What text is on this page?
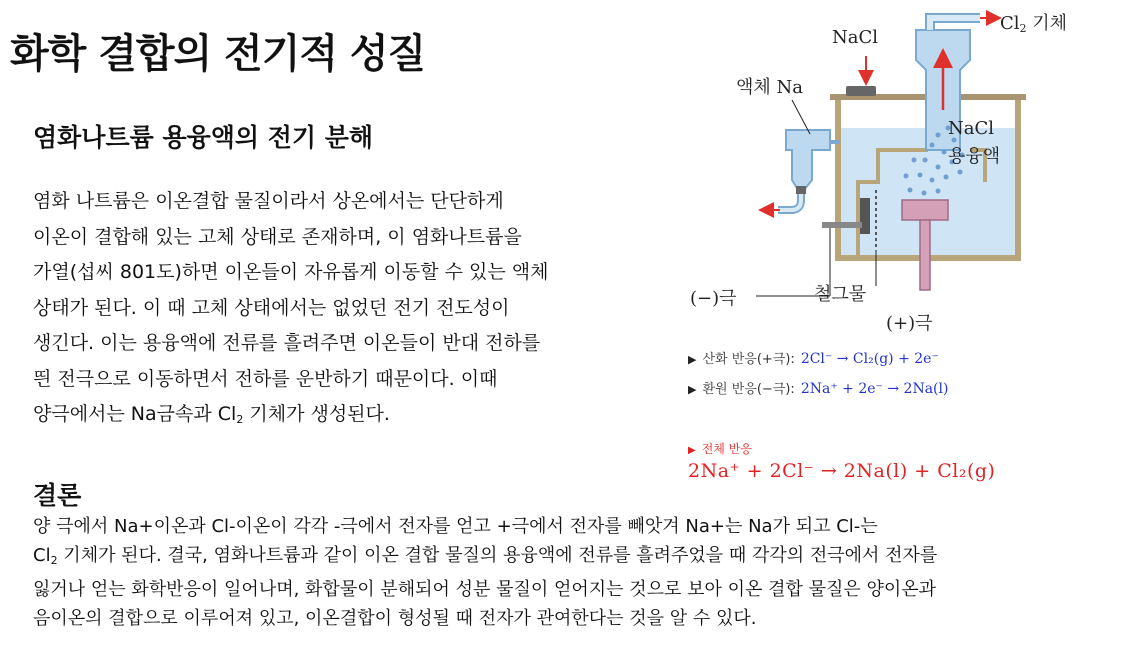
화학 결합의 전기적 성질
염화나트륨 용융액의 전기 분해
염화 나트륨은 이온결합 물질이라서 상온에서는 단단하게
이온이 결합해 있는 고체 상태로 존재하며, 이 염화나트륨을
가열(섭씨 801도)하면 이온들이 자유롭게 이동할 수 있는 액체
상태가 된다. 이 때 고체 상태에서는 없었던 전기 전도성이
생긴다. 이는 용융액에 전류를 흘려주면 이온들이 반대 전하를
띈 전극으로 이동하면서 전하를 운반하기 때문이다. 이때
양극에서는 Na금속과 $Cl_2$ 기체가 생성된다.
결론
양 극에서 Na+이온과 Cl-이온이 각각 -극에서 전자를 얻고 +극에서 전자를 빼앗겨 Na+는 Na가 되고 Cl-는
$Cl_2$ 기체가 된다. 결국, 염화나트륨과 같이 이온 결합 물질의 용융액에 전류를 흘려주었을 때 각각의 전극에서 전자를
잃거나 얻는 화학반응이 일어나며, 화합물이 분해되어 성분 물질이 얻어지는 것으로 보아 이온 결합 물질은 양이온과
음이온의 결합으로 이루어져 있고, 이온결합이 형성될 때 전자가 관여한다는 것을 알 수 있다.
NaCl
$Cl_2$ 기체
액체 Na
NaCl
용융액
(−)극	철그물
(+)극
▶ 산화 반응(+극): 2Cl⁻ → Cl₂(g) + 2e⁻
▶ 환원 반응(−극): 2Na⁺ + 2e⁻ → 2Na(l)
▶ 전체 반응
2Na⁺ + 2Cl⁻ → 2Na(l) + Cl₂(g)
